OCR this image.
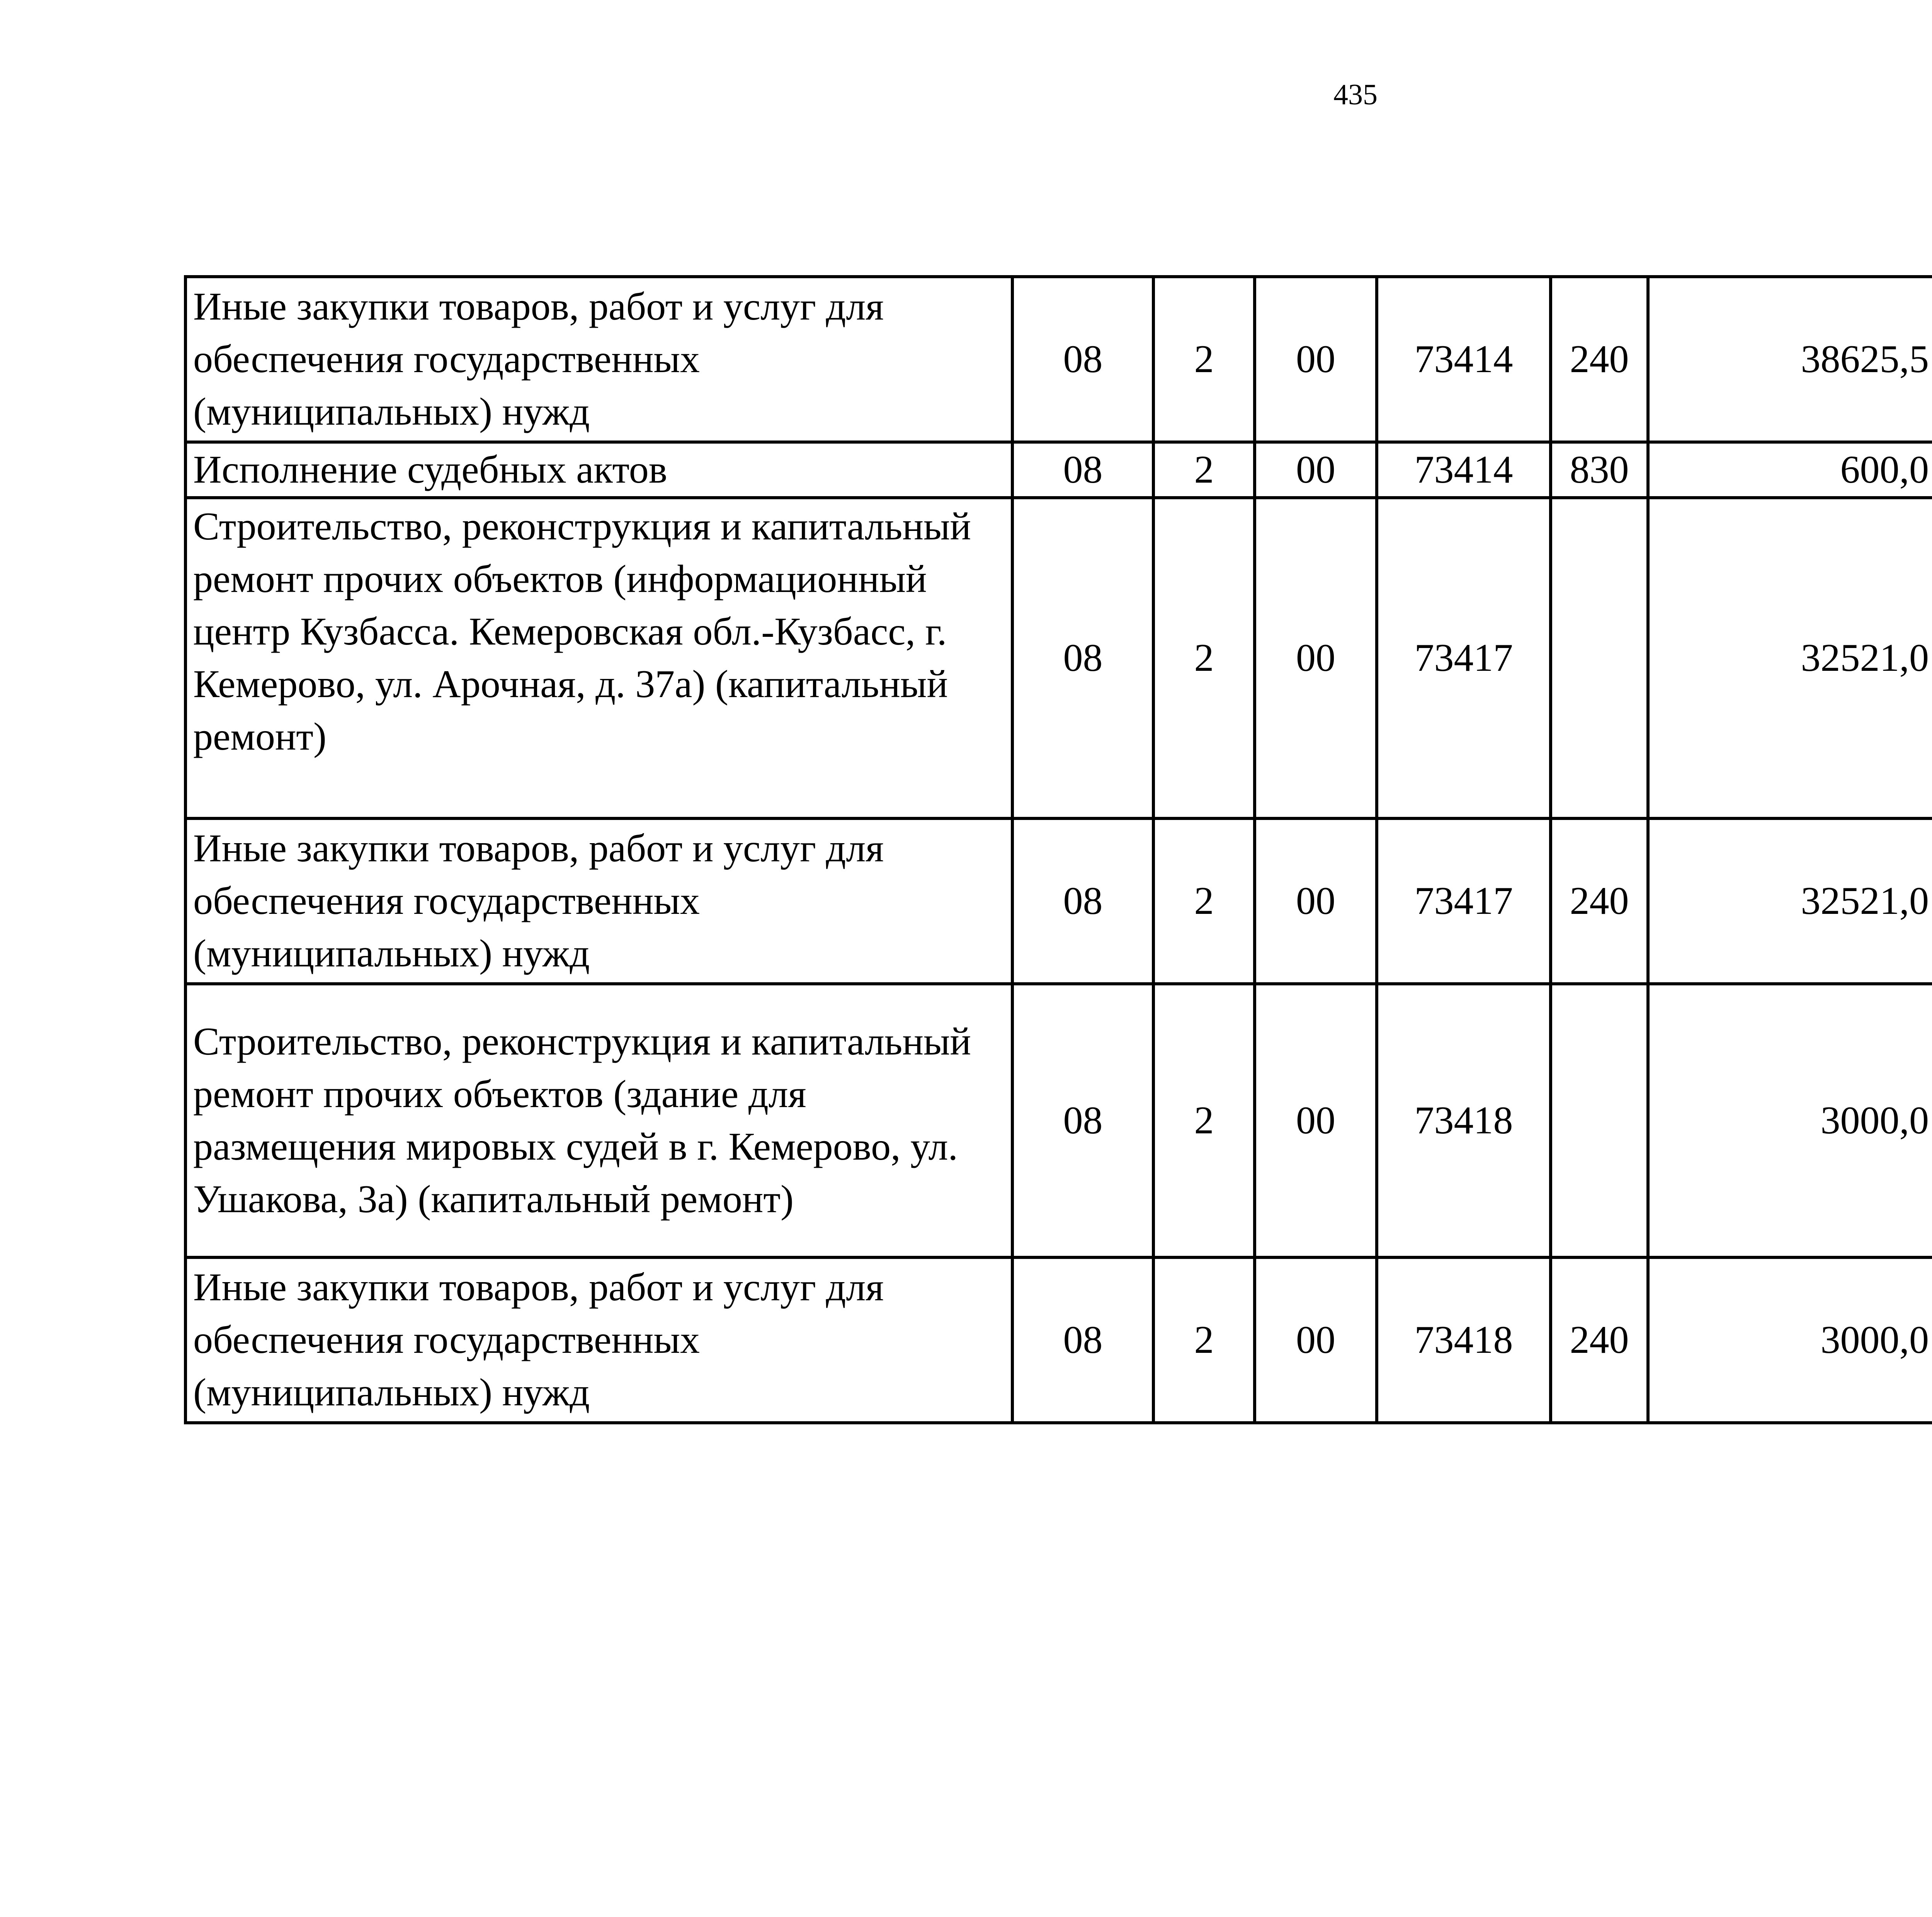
435
Иные закупки товаров, работ и услуг для обеспечения государственных (муниципальных) нужд	08	2	00	73414	240	38625,5		

Исполнение судебных актов	08	2	00	73414	830	600,0		

Строительство, реконструкция и капитальный ремонт прочих объектов (информационный центр Кузбасса. Кемеровская обл.-Кузбасс, г. Кемерово, ул. Арочная, д. 37а) (капитальный ремонт)	08	2	00	73417		32521,0		

Иные закупки товаров, работ и услуг для обеспечения государственных (муниципальных) нужд	08	2	00	73417	240	32521,0		

Строительство, реконструкция и капитальный ремонт прочих объектов (здание для размещения мировых судей в г. Кемерово, ул. Ушакова, 3а) (капитальный ремонт)	08	2	00	73418		3000,0		

Иные закупки товаров, работ и услуг для обеспечения государственных (муниципальных) нужд	08	2	00	73418	240	3000,0		
